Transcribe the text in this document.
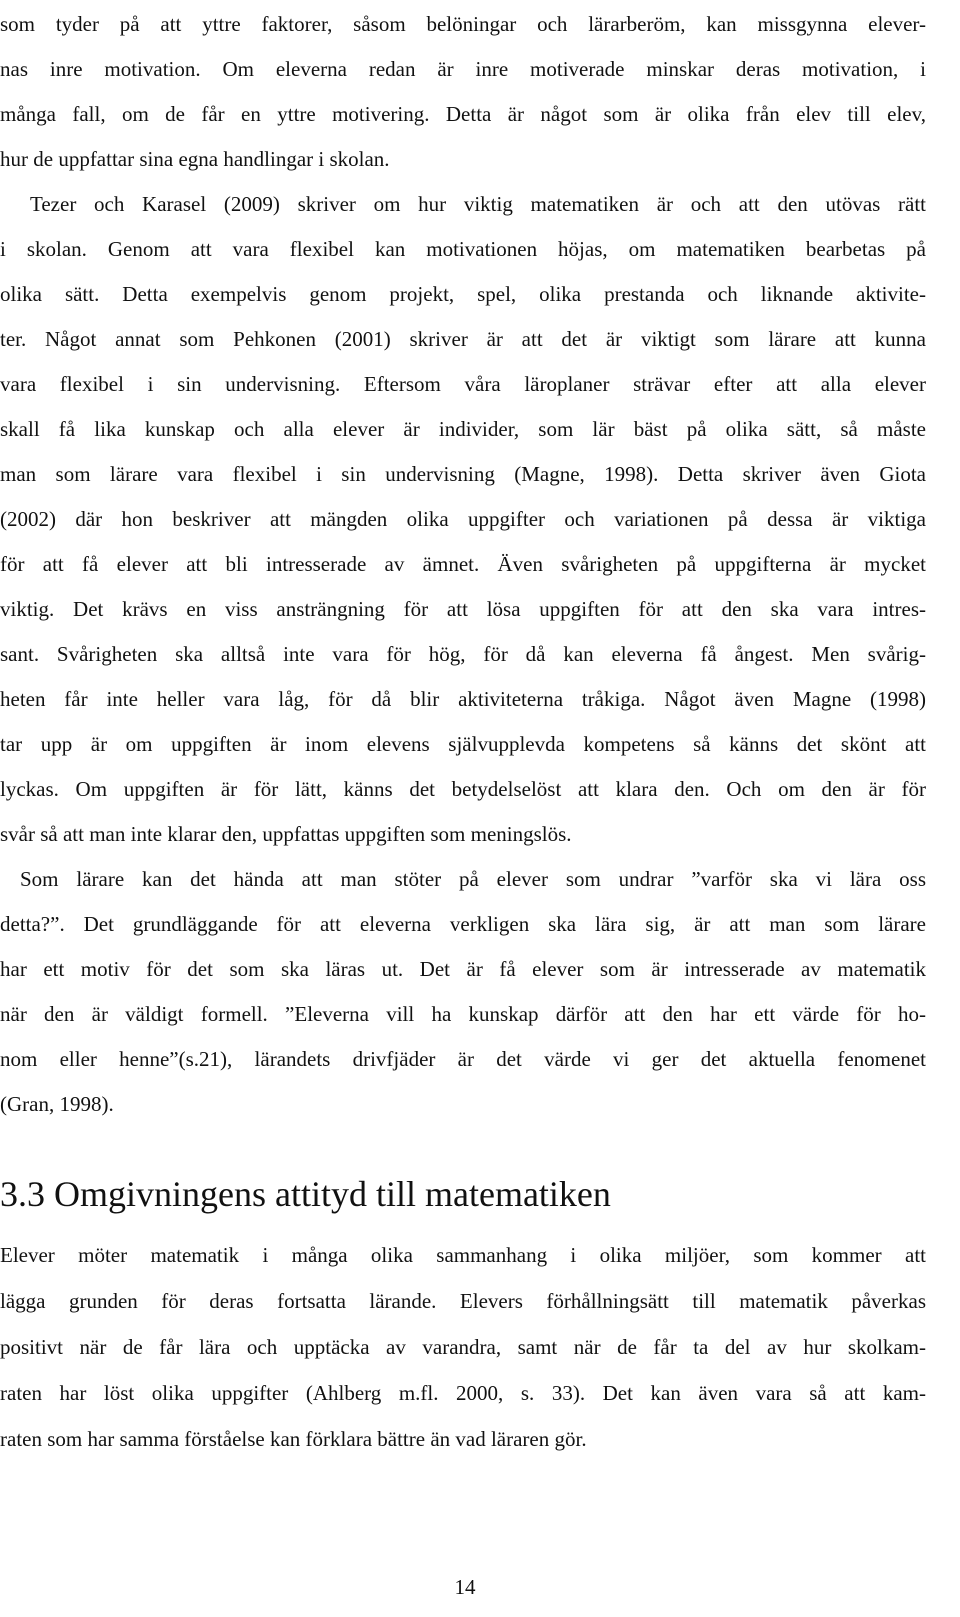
som tyder på att yttre faktorer, såsom belöningar och lärarberöm, kan missgynna elever-
nas inre motivation. Om eleverna redan är inre motiverade minskar deras motivation, i
många fall, om de får en yttre motivering. Detta är något som är olika från elev till elev,
hur de uppfattar sina egna handlingar i skolan.
Tezer och Karasel (2009) skriver om hur viktig matematiken är och att den utövas rätt
i skolan. Genom att vara flexibel kan motivationen höjas, om matematiken bearbetas på
olika sätt. Detta exempelvis genom projekt, spel, olika prestanda och liknande aktivite-
ter. Något annat som Pehkonen (2001) skriver är att det är viktigt som lärare att kunna
vara flexibel i sin undervisning. Eftersom våra läroplaner strävar efter att alla elever
skall få lika kunskap och alla elever är individer, som lär bäst på olika sätt, så måste
man som lärare vara flexibel i sin undervisning (Magne, 1998). Detta skriver även Giota
(2002) där hon beskriver att mängden olika uppgifter och variationen på dessa är viktiga
för att få elever att bli intresserade av ämnet. Även svårigheten på uppgifterna är mycket
viktig. Det krävs en viss ansträngning för att lösa uppgiften för att den ska vara intres-
sant. Svårigheten ska alltså inte vara för hög, för då kan eleverna få ångest. Men svårig-
heten får inte heller vara låg, för då blir aktiviteterna tråkiga. Något även Magne (1998)
tar upp är om uppgiften är inom elevens självupplevda kompetens så känns det skönt att
lyckas. Om uppgiften är för lätt, känns det betydelselöst att klara den. Och om den är för
svår så att man inte klarar den, uppfattas uppgiften som meningslös.
Som lärare kan det hända att man stöter på elever som undrar ”varför ska vi lära oss
detta?”. Det grundläggande för att eleverna verkligen ska lära sig, är att man som lärare
har ett motiv för det som ska läras ut. Det är få elever som är intresserade av matematik
när den är väldigt formell. ”Eleverna vill ha kunskap därför att den har ett värde för ho-
nom eller henne”(s.21), lärandets drivfjäder är det värde vi ger det aktuella fenomenet
(Gran, 1998).
3.3 Omgivningens attityd till matematiken
Elever möter matematik i många olika sammanhang i olika miljöer, som kommer att
lägga grunden för deras fortsatta lärande. Elevers förhållningsätt till matematik påverkas
positivt när de får lära och upptäcka av varandra, samt när de får ta del av hur skolkam-
raten har löst olika uppgifter (Ahlberg m.fl. 2000, s. 33). Det kan även vara så att kam-
raten som har samma förståelse kan förklara bättre än vad läraren gör.
14
